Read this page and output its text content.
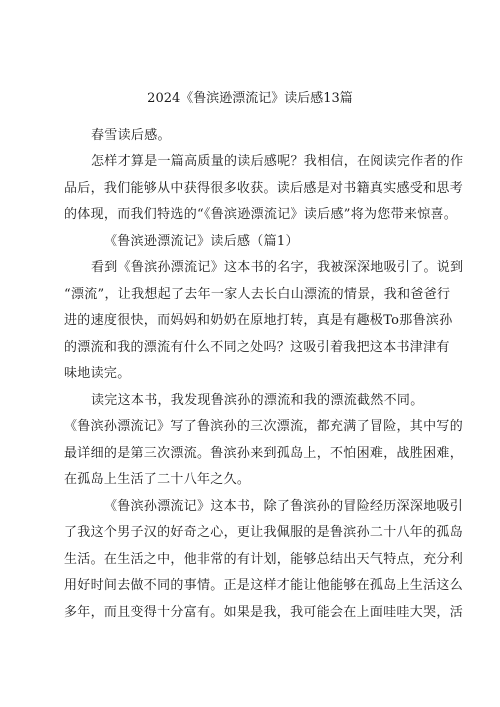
2024《鲁滨逊漂流记》读后感13篇
春雪读后感。
怎样才算是一篇高质量的读后感呢？我相信，在阅读完作者的作
品后，我们能够从中获得很多收获。读后感是对书籍真实感受和思考
的体现，而我们特选的“《鲁滨逊漂流记》读后感”将为您带来惊喜。
《鲁滨逊漂流记》读后感（篇1）
看到《鲁滨孙漂流记》这本书的名字，我被深深地吸引了。说到
“漂流”，让我想起了去年一家人去长白山漂流的情景，我和爸爸行
进的速度很快，而妈妈和奶奶在原地打转，真是有趣极To那鲁滨孙
的漂流和我的漂流有什么不同之处吗？这吸引着我把这本书津津有
味地读完。
读完这本书，我发现鲁滨孙的漂流和我的漂流截然不同。
《鲁滨孙漂流记》写了鲁滨孙的三次漂流，都充满了冒险，其中写的
最详细的是第三次漂流。鲁滨孙来到孤岛上，不怕困难，战胜困难，
在孤岛上生活了二十八年之久。
《鲁滨孙漂流记》这本书，除了鲁滨孙的冒险经历深深地吸引
了我这个男子汉的好奇之心，更让我佩服的是鲁滨孙二十八年的孤岛
生活。在生活之中，他非常的有计划，能够总结出天气特点，充分利
用好时间去做不同的事情。正是这样才能让他能够在孤岛上生活这么
多年，而且变得十分富有。如果是我，我可能会在上面哇哇大哭，活
